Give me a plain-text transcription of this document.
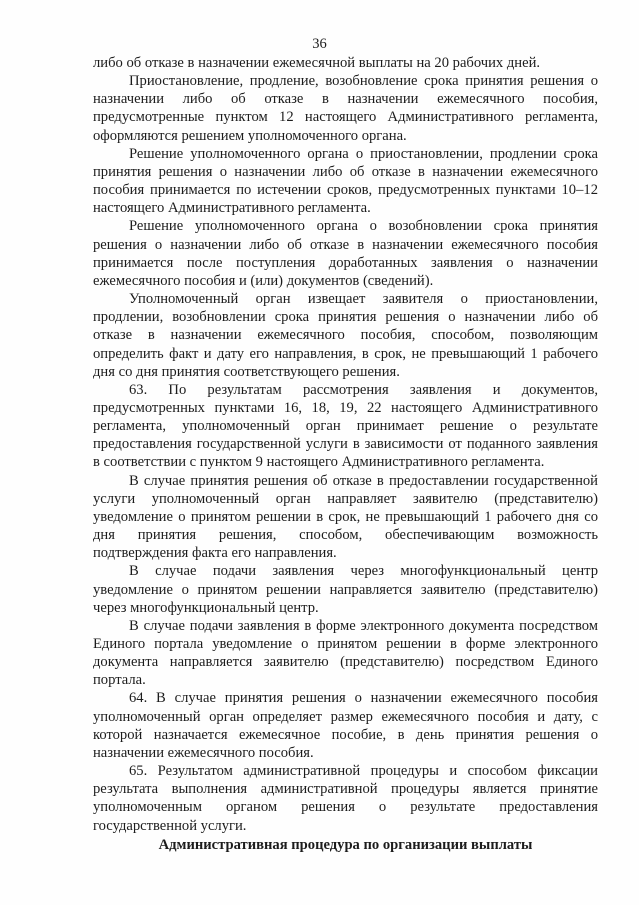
36

либо об отказе в назначении ежемесячной выплаты на 20 рабочих дней.

Приостановление, продление, возобновление срока принятия решения о назначении либо об отказе в назначении ежемесячного пособия, предусмотренные пунктом 12 настоящего Административного регламента, оформляются решением уполномоченного органа.

Решение уполномоченного органа о приостановлении, продлении срока принятия решения о назначении либо об отказе в назначении ежемесячного пособия принимается по истечении сроков, предусмотренных пунктами 10–12 настоящего Административного регламента.

Решение уполномоченного органа о возобновлении срока принятия решения о назначении либо об отказе в назначении ежемесячного пособия принимается после поступления доработанных заявления о назначении ежемесячного пособия и (или) документов (сведений).

Уполномоченный орган извещает заявителя о приостановлении, продлении, возобновлении срока принятия решения о назначении либо об отказе в назначении ежемесячного пособия, способом, позволяющим определить факт и дату его направления, в срок, не превышающий 1 рабочего дня со дня принятия соответствующего решения.

63. По результатам рассмотрения заявления и документов, предусмотренных пунктами 16, 18, 19, 22 настоящего Административного регламента, уполномоченный орган принимает решение о результате предоставления государственной услуги в зависимости от поданного заявления в соответствии с пунктом 9 настоящего Административного регламента.

В случае принятия решения об отказе в предоставлении государственной услуги уполномоченный орган направляет заявителю (представителю) уведомление о принятом решении в срок, не превышающий 1 рабочего дня со дня принятия решения, способом, обеспечивающим возможность подтверждения факта его направления.

В случае подачи заявления через многофункциональный центр уведомление о принятом решении направляется заявителю (представителю) через многофункциональный центр.

В случае подачи заявления в форме электронного документа посредством Единого портала уведомление о принятом решении в форме электронного документа направляется заявителю (представителю) посредством Единого портала.

64. В случае принятия решения о назначении ежемесячного пособия уполномоченный орган определяет размер ежемесячного пособия и дату, с которой назначается ежемесячное пособие, в день принятия решения о назначении ежемесячного пособия.

65. Результатом административной процедуры и способом фиксации результата выполнения административной процедуры является принятие уполномоченным органом решения о результате предоставления государственной услуги.

Административная процедура по организации выплаты
